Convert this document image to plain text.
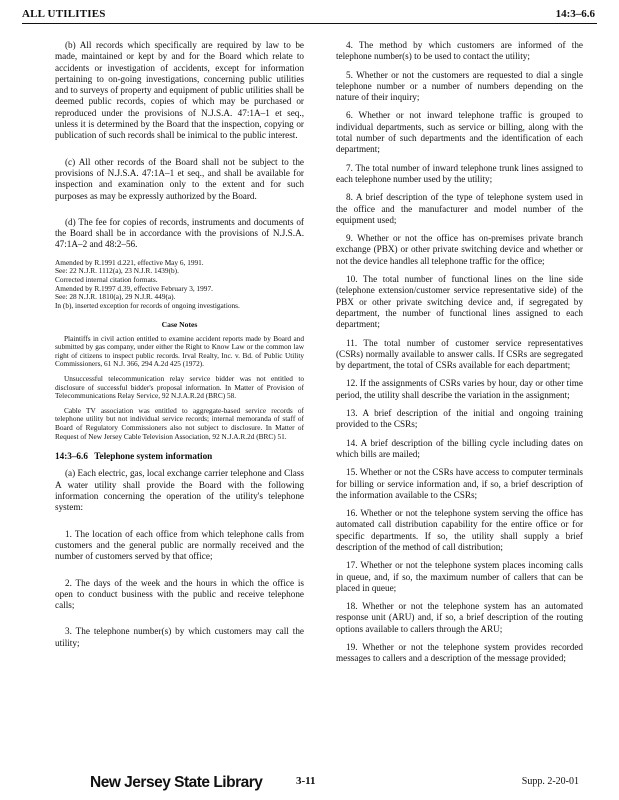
ALL UTILITIES	14:3–6.6

(b) All records which specifically are required by law to be made, maintained or kept by and for the Board which relate to accidents or investigation of accidents, except for information pertaining to on-going investigations, concerning public utilities and to surveys of property and equipment of public utilities shall be deemed public records, copies of which may be purchased or reproduced under the provisions of N.J.S.A. 47:1A–1 et seq., unless it is determined by the Board that the inspection, copying or publication of such records shall be inimical to the public interest.

(c) All other records of the Board shall not be subject to the provisions of N.J.S.A. 47:1A–1 et seq., and shall be available for inspection and examination only to the extent and for such purposes as may be expressly authorized by the Board.

(d) The fee for copies of records, instruments and documents of the Board shall be in accordance with the provisions of N.J.S.A. 47:1A–2 and 48:2–56.

Amended by R.1991 d.221, effective May 6, 1991.
See: 22 N.J.R. 1112(a), 23 N.J.R. 1439(b).
Corrected internal citation formats.
Amended by R.1997 d.39, effective February 3, 1997.
See: 28 N.J.R. 1810(a), 29 N.J.R. 449(a).
In (b), inserted exception for records of ongoing investigations.
Case Notes

Plaintiffs in civil action entitled to examine accident reports made by Board and submitted by gas company, under either the Right to Know Law or the common law right of citizens to inspect public records. Irval Realty, Inc. v. Bd. of Public Utility Commissioners, 61 N.J. 366, 294 A.2d 425 (1972).

Unsuccessful telecommunication relay service bidder was not entitled to disclosure of successful bidder's proposal information. In Matter of Provision of Telecommunications Relay Service, 92 N.J.A.R.2d (BRC) 58.

Cable TV association was entitled to aggregate-based service records of telephone utility but not individual service records; internal memoranda of staff of Board of Regulatory Commissioners also not subject to disclosure. In Matter of Request of New Jersey Cable Television Association, 92 N.J.A.R.2d (BRC) 51.

14:3–6.6 Telephone system information

(a) Each electric, gas, local exchange carrier telephone and Class A water utility shall provide the Board with the following information concerning the operation of the utility's telephone system:

1. The location of each office from which telephone calls from customers and the general public are normally received and the number of customers served by that office;

2. The days of the week and the hours in which the office is open to conduct business with the public and receive telephone calls;

3. The telephone number(s) by which customers may call the utility;

4. The method by which customers are informed of the telephone number(s) to be used to contact the utility;

5. Whether or not the customers are requested to dial a single telephone number or a number of numbers depending on the nature of their inquiry;

6. Whether or not inward telephone traffic is grouped to individual departments, such as service or billing, along with the total number of such departments and the identification of each department;

7. The total number of inward telephone trunk lines assigned to each telephone number used by the utility;

8. A brief description of the type of telephone system used in the office and the manufacturer and model number of the equipment used;

9. Whether or not the office has on-premises private branch exchange (PBX) or other private switching device and whether or not the device handles all telephone traffic for the office;

10. The total number of functional lines on the line side (telephone extension/customer service representative side) of the PBX or other private switching device and, if segregated by department, the number of functional lines assigned to each department;

11. The total number of customer service representatives (CSRs) normally available to answer calls. If CSRs are segregated by department, the total of CSRs available for each department;

12. If the assignments of CSRs varies by hour, day or other time period, the utility shall describe the variation in the assignment;

13. A brief description of the initial and ongoing training provided to the CSRs;

14. A brief description of the billing cycle including dates on which bills are mailed;

15. Whether or not the CSRs have access to computer terminals for billing or service information and, if so, a brief description of the information available to the CSRs;

16. Whether or not the telephone system serving the office has automated call distribution capability for the entire office or for specific departments. If so, the utility shall supply a brief description of the method of call distribution;

17. Whether or not the telephone system places incoming calls in queue, and, if so, the maximum number of callers that can be placed in queue;

18. Whether or not the telephone system has an automated response unit (ARU) and, if so, a brief description of the routing options available to callers through the ARU;

19. Whether or not the telephone system provides recorded messages to callers and a description of the message provided;

New Jersey State Library	3-11	Supp. 2-20-01
